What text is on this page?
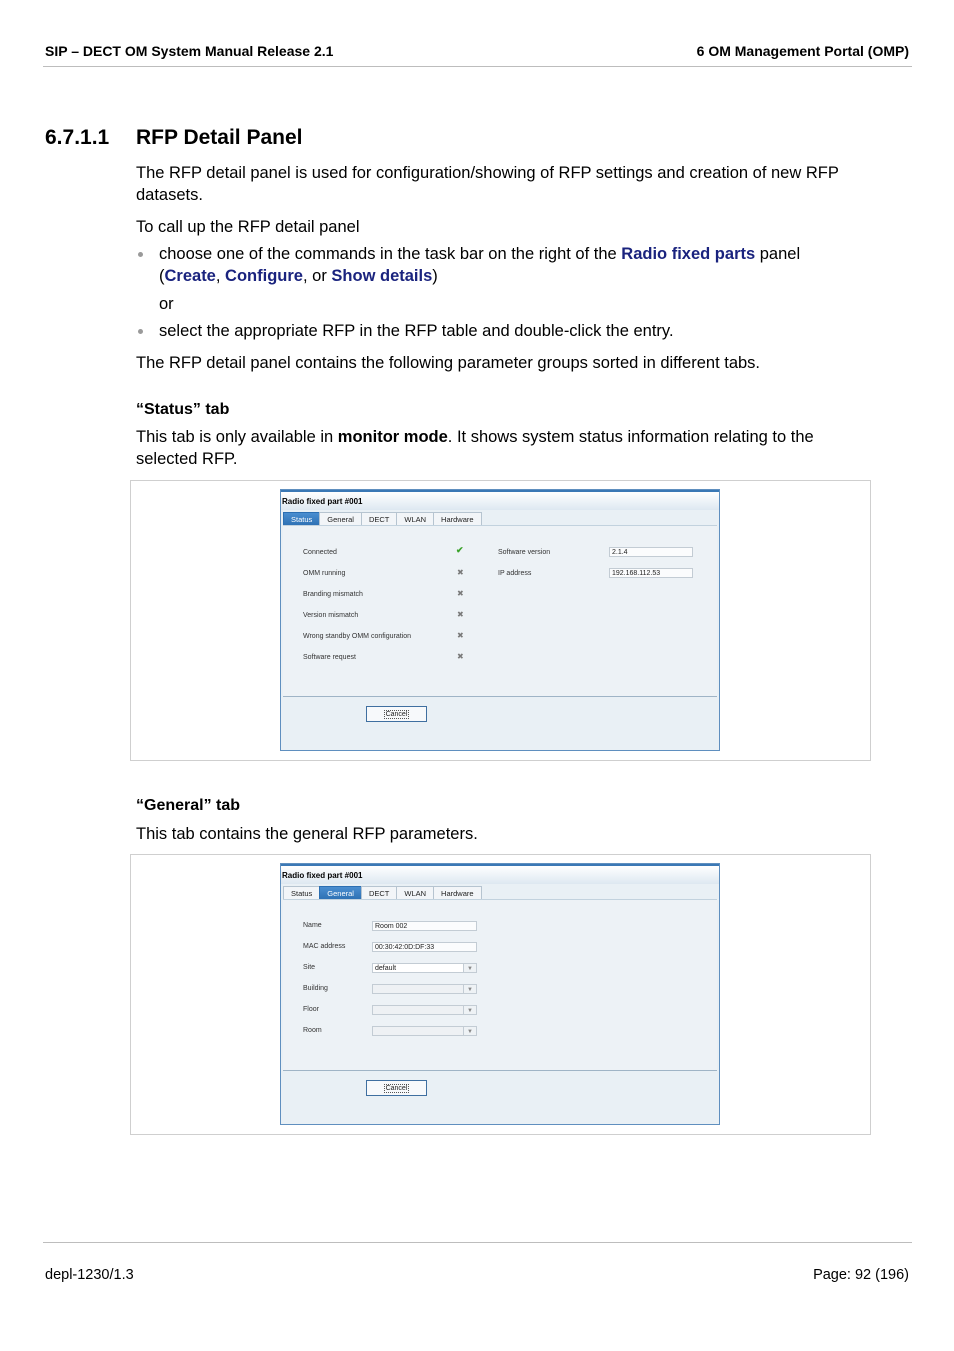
SIP – DECT OM System Manual Release 2.1	6 OM Management Portal (OMP)
6.7.1.1 RFP Detail Panel
The RFP detail panel is used for configuration/showing of RFP settings and creation of new RFP datasets.
To call up the RFP detail panel
choose one of the commands in the task bar on the right of the Radio fixed parts panel (Create, Configure, or Show details)
or
select the appropriate RFP in the RFP table and double-click the entry.
The RFP detail panel contains the following parameter groups sorted in different tabs.
“Status” tab
This tab is only available in monitor mode. It shows system status information relating to the selected RFP.
Radio fixed part #001
Status	General	DECT	WLAN	Hardware
Connected	✔
OMM running	✖
Branding mismatch	✖
Version mismatch	✖
Wrong standby OMM configuration	✖
Software request	✖
Software version	2.1.4
IP address	192.168.112.53
Cancel
“General” tab
This tab contains the general RFP parameters.
Radio fixed part #001
Status	General	DECT	WLAN	Hardware
Name	Room 002
MAC address	00:30:42:0D:DF:33
Site	default	▼
Building	▼
Floor	▼
Room	▼
Cancel
depl-1230/1.3	Page: 92 (196)
